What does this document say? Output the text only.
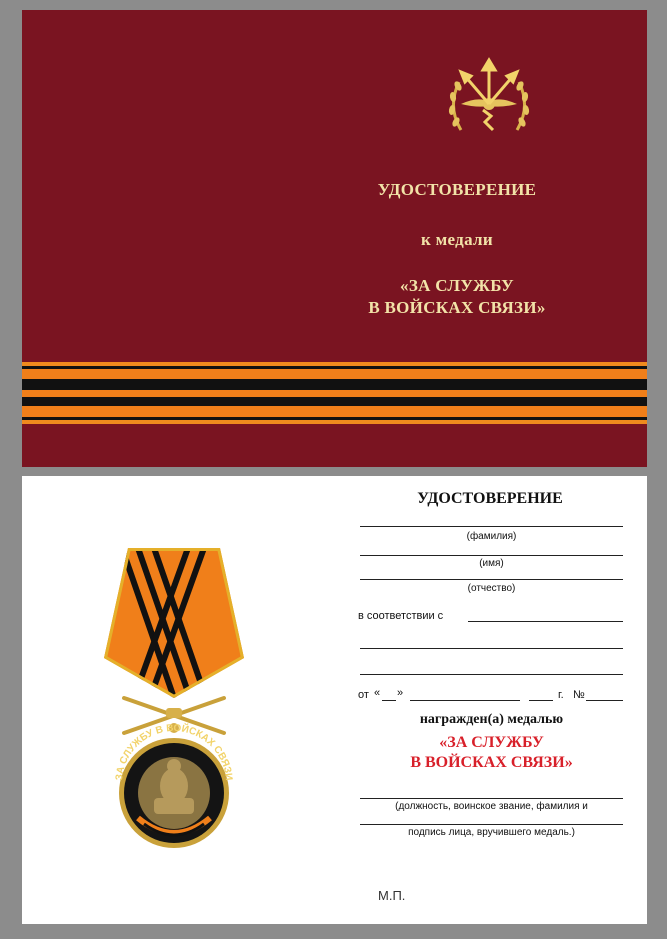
УДОСТОВЕРЕНИЕ
к медали
«ЗА СЛУЖБУ
В ВОЙСКАХ СВЯЗИ»
ЗА СЛУЖБУ В ВОЙСКАХ СВЯЗИ
УДОСТОВЕРЕНИЕ
(фамилия)
(имя)
(отчество)
в соответствии с
от « »	г. №
награжден(а) медалью
«ЗА СЛУЖБУ
В ВОЙСКАХ СВЯЗИ»
(должность, воинское звание, фамилия и
подпись лица, вручившего медаль.)
М.П.
